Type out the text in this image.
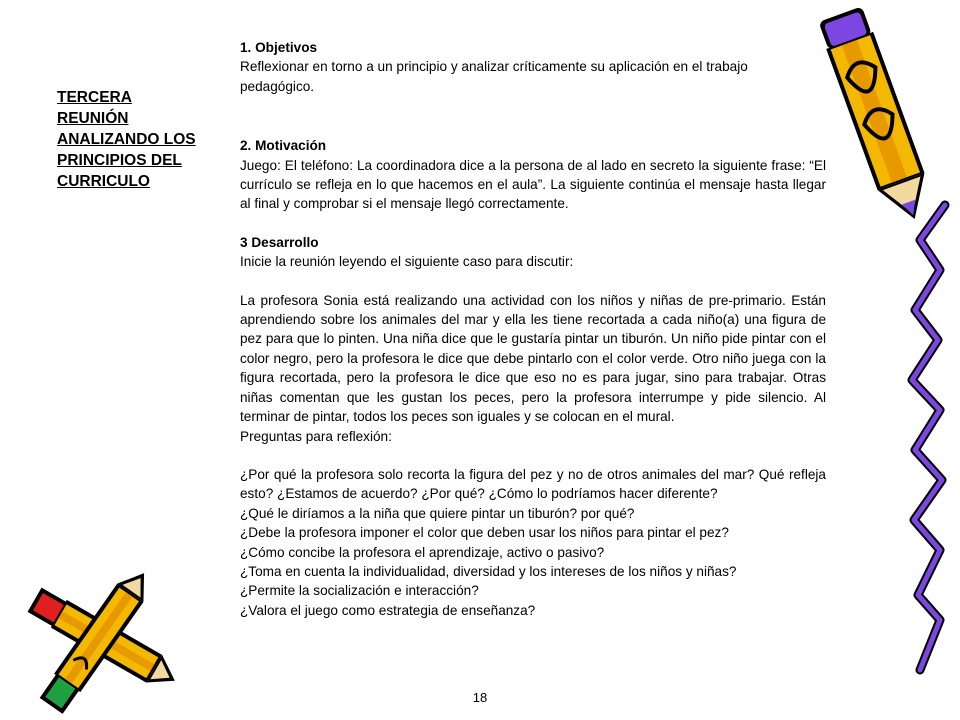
TERCERA
REUNIÓN
ANALIZANDO LOS
PRINCIPIOS DEL
CURRICULO

1. Objetivos

Reflexionar en torno a un principio y analizar críticamente su aplicación en el trabajo pedagógico.

2. Motivación

Juego: El teléfono: La coordinadora dice a la persona de al lado en secreto la siguiente frase: “El currículo se refleja en lo que hacemos en el aula”. La siguiente continúa el mensaje hasta llegar al final y comprobar si el mensaje llegó correctamente.

3 Desarrollo

Inicie la reunión leyendo el siguiente caso para discutir:

La profesora Sonia está realizando una actividad con los niños y niñas de pre-primario. Están aprendiendo sobre los animales del mar y ella les tiene recortada a cada niño(a) una figura de pez para que lo pinten. Una niña dice que le gustaría pintar un tiburón. Un niño pide pintar con el color negro, pero la profesora le dice que debe pintarlo con el color verde. Otro niño juega con la figura recortada, pero la profesora le dice que eso no es para jugar, sino para trabajar. Otras niñas comentan que les gustan los peces, pero la profesora interrumpe y pide silencio. Al terminar de pintar, todos los peces son iguales y se colocan en el mural.

Preguntas para reflexión:

¿Por qué la profesora solo recorta la figura del pez y no de otros animales del mar? Qué refleja esto? ¿Estamos de acuerdo? ¿Por qué? ¿Cómo lo podríamos hacer diferente?

¿Qué le diríamos a la niña que quiere pintar un tiburón? por qué?

¿Debe la profesora imponer el color que deben usar los niños para pintar el pez?

¿Cómo concibe la profesora el aprendizaje, activo o pasivo?

¿Toma en cuenta la individualidad, diversidad y los intereses de los niños y niñas?

¿Permite la socialización e interacción?

¿Valora el juego como estrategia de enseñanza?

18
